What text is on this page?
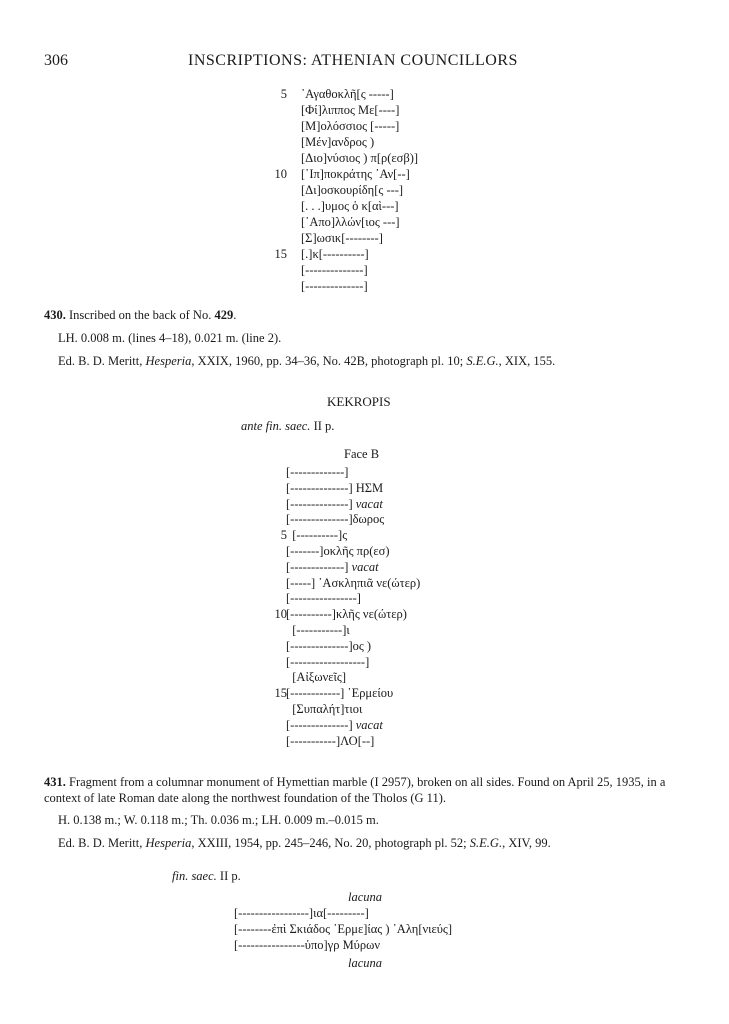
306	INSCRIPTIONS: ATHENIAN COUNCILLORS
5 ᾿Αγαθοκλῆ[ς -----]
[Φί]λιππος Με[----]
[Μ]ολόσσιος [-----]
[Μέν]ανδρος )
[Διο]νύσιος ) π[ρ(εσβ)]
10 [῾Ιπ]ποκράτης ᾿Αν[--]
[Δι]οσκουρίδη[ς ---]
[. . .]υμος ὁ κ[αὶ---]
[᾿Απο]λλών[ιος ---]
[Σ]ωσικ[--------]
15 [.]κ[----------]
[--------------]
[--------------]
430. Inscribed on the back of No. 429.
LH. 0.008 m. (lines 4–18), 0.021 m. (line 2).
Ed. B. D. Meritt, Hesperia, XXIX, 1960, pp. 34–36, No. 42B, photograph pl. 10; S.E.G., XIX, 155.
KEKROPIS
ante fin. saec. II p.
Face B
[-------------]
[--------------] ΗΣΜ
[--------------] vacat
[--------------]δωρος
5 [----------]ς
[-------]οκλῆς πρ(εσ)
[-------------] vacat
[-----] ᾿Ασκληπιᾶ νε(ώτερ)
[----------------]
10 [----------]κλῆς νε(ώτερ)
[-----------]ι
[--------------]ος )
[------------------]
[Αἰξωνεῖς]
15 [------------] ῾Ερμείου
[Συπαλήτ]τιοι
[--------------] vacat
[-----------]ΛΟ[--]
431. Fragment from a columnar monument of Hymettian marble (I 2957), broken on all sides. Found on April 25, 1935, in a context of late Roman date along the northwest foundation of the Tholos (G 11).
H. 0.138 m.; W. 0.118 m.; Th. 0.036 m.; LH. 0.009 m.–0.015 m.
Ed. B. D. Meritt, Hesperia, XXIII, 1954, pp. 245–246, No. 20, photograph pl. 52; S.E.G., XIV, 99.
fin. saec. II p.
lacuna
[-----------------]ια[---------]
[--------ἐπὶ Σκιάδος ῾Ερμε]ίας ) ᾿Αλη[νιεύς]
[----------------ὑπο]γρ Μύρων
lacuna
